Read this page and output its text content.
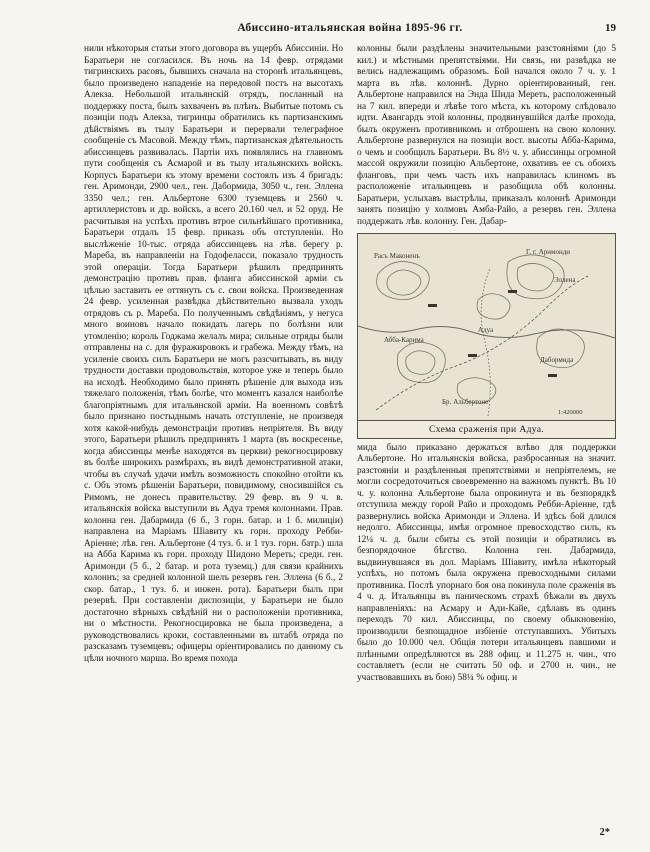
Абиссино-итальянская война 1895-96 гг.	19
нили нѣкоторыя статьи этого договора въ ущербъ Абиссиніи. Но Баратьери не согласился. Въ ночь на 14 февр. отрядами тигринскихъ расовъ, бывшихъ сначала на сторонѣ итальянцевъ, было произведено нападеніе на передовой постъ на высотахъ Алекза. Небольшой итальянскій отрядъ, посланный на поддержку поста, былъ захваченъ въ плѣнъ. Выбитые потомъ съ позиціи подъ Алекза, тигринцы обратились къ партизанскимъ дѣйствіямъ въ тылу Баратьери и перервали телеграфное сообщеніе съ Масовой. Между тѣмъ, партизанская дѣятельность абиссинцевъ развивалась. Партіи ихъ появлялись на главномъ пути сообщенія съ Асмарой и въ тылу итальянскихъ войскъ. Корпусъ Баратьери къ этому времени состоялъ изъ 4 бригадъ: ген. Аримонди, 2900 чел., ген. Дабормида, 3050 ч., ген. Эллена 3350 чел.; ген. Альбертоне 6300 туземцевъ и 2560 ч. артиллеристовъ и др. войскъ, а всего 20.160 чел. и 52 оруд. Не расчитывая на успѣхъ противъ втрое сильнѣйшаго противника, Баратьери отдалъ 15 февр. приказъ объ отступленіи. Но выслѣженіе 10-тыс. отряда абиссинцевъ на лѣв. берегу р. Мареба, въ направленіи на Годофеласси, показало трудность этой операціи. Тогда Баратьери рѣшилъ предпринять демонстрацію противъ прав. фланга абиссинской арміи съ цѣлью заставить ее оттянуть съ с. свои войска. Произведенная 24 февр. усиленная развѣдка дѣйствительно вызвала уходъ отрядовъ съ р. Мареба. По полученнымъ свѣдѣніямъ, у негуса много воиновъ начало покидать лагерь по болѣзни или утомленію; король Годжама желалъ мира; сильные отряды были отправлены на с. для фуражировокъ и грабежа. Между тѣмъ, на усиленіе своихъ силъ Баратьери не могъ разсчитывать, въ виду трудности доставки продовольствія, которое уже и теперь было на исходѣ. Необходимо было принять рѣшеніе для выхода изъ тяжелаго положенія, тѣмъ болѣе, что моментъ казался наиболѣе благопріятнымъ для итальянской арміи. На военномъ совѣтѣ было признано постыднымъ начать отступленіе, не произведя хотя какой-нибудь демонстраціи противъ непріятеля. Въ виду этого, Баратьери рѣшилъ предпринять 1 марта (въ воскресенье, когда абиссинцы менѣе находятся въ церкви) рекогносцировку въ болѣе широкихъ размѣрахъ, въ видѣ демонстративной атаки, чтобы въ случаѣ удачи имѣть возможность спокойно отойти къ с. Объ этомъ рѣшеніи Баратьери, повидимому, сносившійся съ Римомъ, не донесъ правительству. 29 февр. въ 9 ч. в. итальянскія войска выступили въ Адуа тремя колоннами. Прав. колонна ген. Дабармида (6 б., 3 горн. батар. и 1 б. милиціи) направлена на Маріамъ Шіавиту къ горн. проходу Ребби-Аріенне; лѣв. ген. Альбертоне (4 туз. б. и 1 туз. горн. батр.) шла на Абба Карима къ горн. проходу Шидоно Мереть; средн. ген. Аримонди (5 б., 2 батар. и рота туземц.) для связи крайнихъ колоннъ; за средней колонной шелъ резервъ ген. Эллена (6 б., 2 скор. батар., 1 туз. б. и инжен. рота). Баратьери былъ при резервѣ. При составленіи диспозиціи, у Баратьери не было достаточно вѣрныхъ свѣдѣній ни о расположеніи противника, ни о мѣстности. Рекогносцировка не была произведена, а руководствовались кроки, составленными въ штабѣ отряда по разсказамъ туземцевъ; офицеры оріентировались по данному съ цѣли ночного марша. Во время похода
колонны были раздѣлены значительными разстояніями (до 5 кил.) и мѣстными препятствіями. Ни связь, ни развѣдка не велись надлежащимъ образомъ. Бой начался около 7 ч. у. 1 марта въ лѣв. колоннѣ. Дурно оріентированный, ген. Альбертоне направился на Энда Шида Мереть, расположенный на 7 кил. впереди и лѣвѣе того мѣста, къ которому слѣдовало идти. Авангардъ этой колонны, продвинувшійся далѣе прохода, былъ окруженъ противникомъ и отброшенъ на свою колонну. Альбертоне развернулся на позиціи вост. высоты Абба-Карима, о чемъ и сообщилъ Баратьери. Въ 8½ ч. у. абиссинцы огромной массой окружили позицію Альбертоне, охвативъ ее съ обоихъ фланговъ, при чемъ часть ихъ направилась клиномъ въ расположеніе итальянцевъ и разобщила обѣ колонны. Баратьери, услыхавъ выстрѣлы, приказалъ колоннѣ Аримонди занять позицію у холмовъ Амба-Райо, а резервъ ген. Эллена поддержать лѣв. колонну. Ген. Дабар-
Расъ Маконенъ	Г. г. Аримонди
Эллена
Абба-Карима
Адуа
Бр. Альбертоне
Дабормида
1:420000
Схема сраженія при Адуа.
мида было приказано держаться влѣво для поддержки Альбертоне. Но итальянскія войска, разбросанныя на значит. разстояніи и раздѣленныя препятствіями и непріятелемъ, не могли сосредоточиться своевременно на важномъ пунктѣ. Въ 10 ч. у. колонна Альбертоне была опрокинута и въ безпорядкѣ отступила между горой Райо и проходомъ Ребби-Аріенне, гдѣ развернулись войска Аримонди и Эллена. И здѣсь бой длился недолго. Абиссинцы, имѣя огромное превосходство силъ, къ 12¼ ч. д. были сбиты съ этой позиціи и обратились въ безпорядочное бѣгство. Колонна ген. Дабармида, выдвинувшаяся въ дол. Маріамъ Шіавиту, имѣла нѣкоторый успѣхъ, но потомъ была окружена превосходными силами противника. Послѣ упорнаго боя она покинула поле сраженія въ 4 ч. д. Итальянцы въ паническомъ страхѣ бѣжали въ двухъ направленіяхъ: на Асмару и Ади-Кайе, сдѣлавъ въ одинъ переходъ 70 кил. Абиссинцы, по своему обыкновенію, производили безпощадное избіеніе отступавшихъ. Убитыхъ было до 10.000 чел. Общія потери итальянцевъ павшими и плѣнными опредѣляются въ 288 офиц. и 11.275 н. чин., что составляетъ (если не считать 50 оф. и 2700 н. чин., не участвовавшихъ въ бою) 58¼ % офиц. и
2*
